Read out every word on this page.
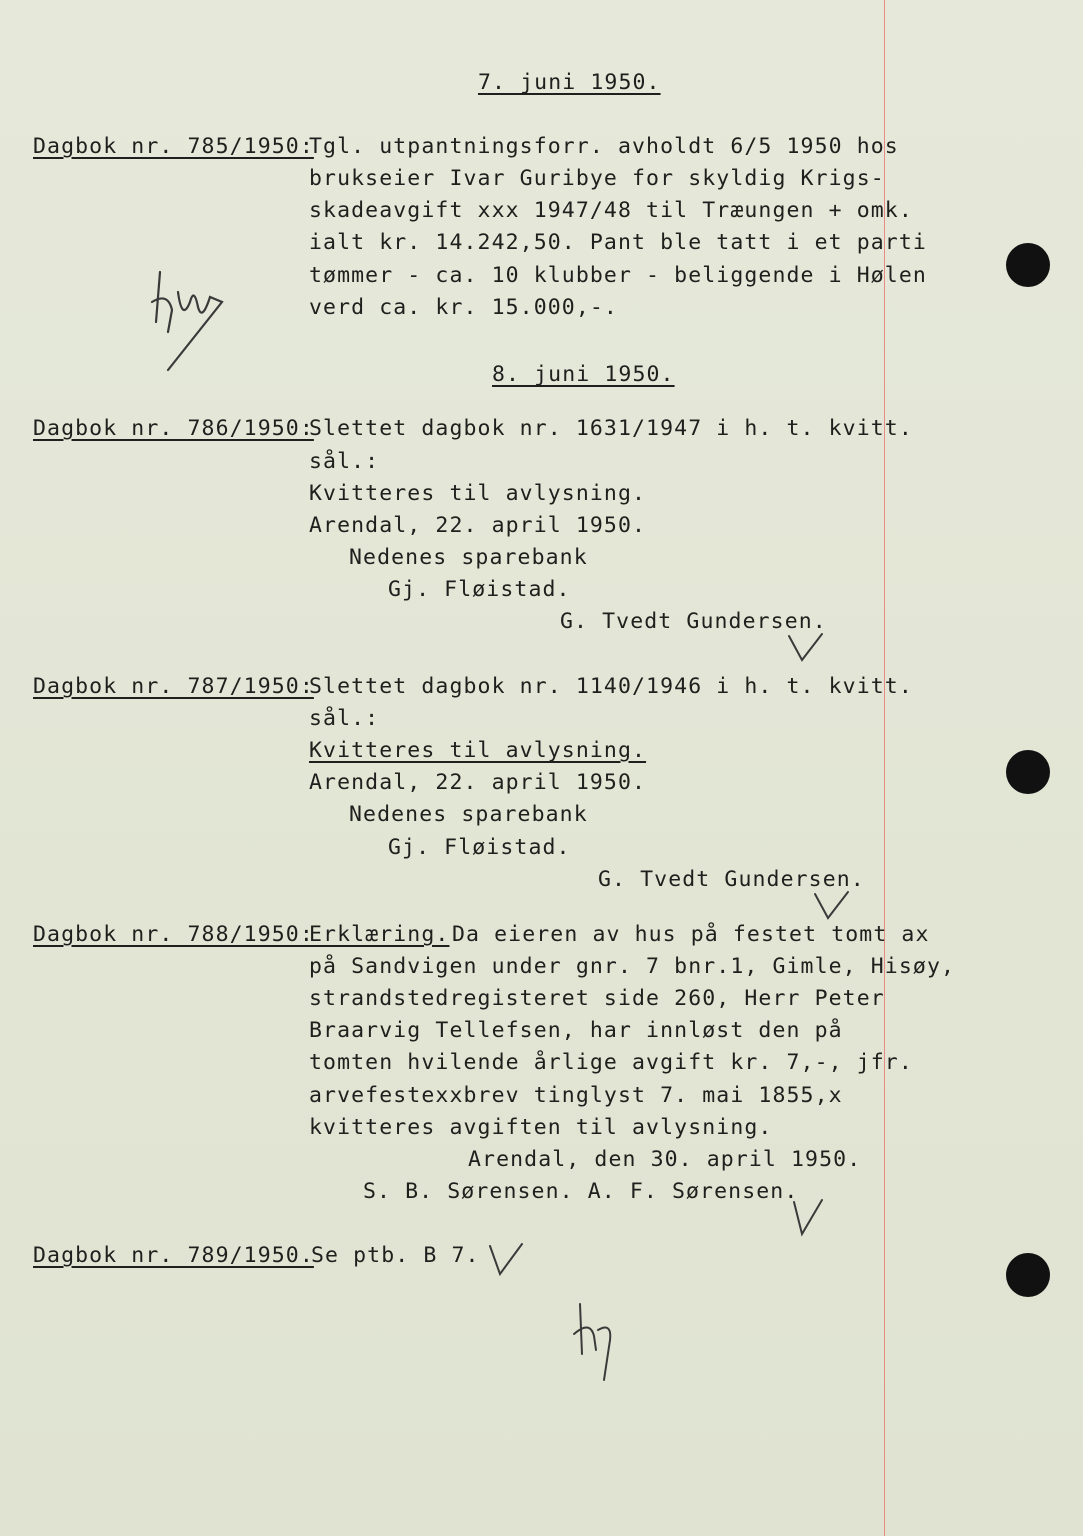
7. juni 1950.
Dagbok nr. 785/1950:
Tgl. utpantningsforr. avholdt 6/5 1950 hos
brukseier Ivar Guribye for skyldig Krigs-
skadeavgift xxx 1947/48 til Træungen + omk.
ialt kr. 14.242,50. Pant ble tatt i et parti
tømmer - ca. 10 klubber - beliggende i Hølen
verd ca. kr. 15.000,-.
8. juni 1950.
Dagbok nr. 786/1950:
Slettet dagbok nr. 1631/1947 i h. t. kvitt.
sål.:
Kvitteres til avlysning.
Arendal, 22. april 1950.
Nedenes sparebank
Gj. Fløistad.
G. Tvedt Gundersen.
Dagbok nr. 787/1950:
Slettet dagbok nr. 1140/1946 i h. t. kvitt.
sål.:
Kvitteres til avlysning.
Arendal, 22. april 1950.
Nedenes sparebank
Gj. Fløistad.
G. Tvedt Gundersen.
Dagbok nr. 788/1950:
Erklæring. Da eieren av hus på festet tomt ax
på Sandvigen under gnr. 7 bnr.1, Gimle, Hisøy,
strandstedregisteret side 260, Herr Peter
Braarvig Tellefsen, har innløst den på
tomten hvilende årlige avgift kr. 7,-, jfr.
arvefestexxbrev tinglyst 7. mai 1855,x
kvitteres avgiften til avlysning.
Arendal, den 30. april 1950.
S. B. Sørensen. A. F. Sørensen.
Dagbok nr. 789/1950.
Se ptb. B 7.
